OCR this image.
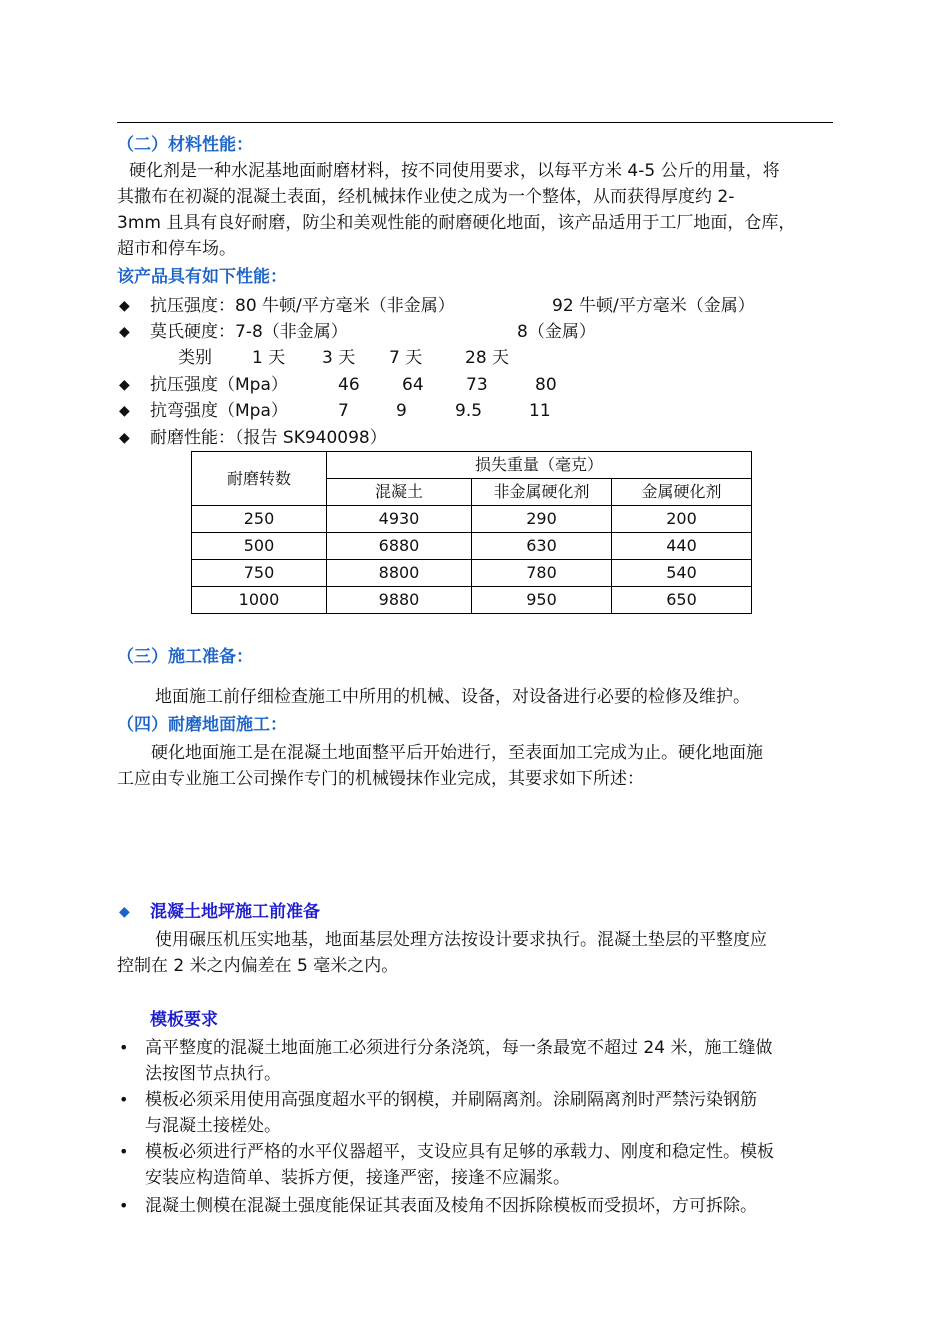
（二）材料性能：
硬化剂是一种水泥基地面耐磨材料，按不同使用要求，以每平方米 4-5 公斤的用量，将
其撒布在初凝的混凝土表面，经机械抹作业使之成为一个整体，从而获得厚度约 2-
3mm 且具有良好耐磨，防尘和美观性能的耐磨硬化地面，该产品适用于工厂地面，仓库，
超市和停车场。
该产品具有如下性能：
◆ 抗压强度：80 牛顿/平方毫米（非金属）	92 牛顿/平方毫米（金属）
◆ 莫氏硬度：7-8（非金属）	8（金属）
类别 1 天 3 天 7 天	28 天
◆ 抗压强度（Mpa）	46 64 73	80
◆ 抗弯强度（Mpa）	7	9	9.5	11
◆ 耐磨性能：（报告 SK940098）
耐磨转数	损失重量（毫克）		
	混凝土	非金属硬化剂	金属硬化剂
250	4930	290	200
500	6880	630	440
750	8800	780	540
1000	9880	950	650
（三）施工准备：
地面施工前仔细检查施工中所用的机械、设备，对设备进行必要的检修及维护。
（四）耐磨地面施工：
硬化地面施工是在混凝土地面整平后开始进行，至表面加工完成为止。硬化地面施
工应由专业施工公司操作专门的机械镘抹作业完成，其要求如下所述：
◆ 混凝土地坪施工前准备
使用碾压机压实地基，地面基层处理方法按设计要求执行。混凝土垫层的平整度应
控制在 2 米之内偏差在 5 毫米之内。
模板要求
• 高平整度的混凝土地面施工必须进行分条浇筑，每一条最宽不超过 24 米，施工缝做
法按图节点执行。
• 模板必须采用使用高强度超水平的钢模，并刷隔离剂。涂刷隔离剂时严禁污染钢筋
与混凝土接槎处。
• 模板必须进行严格的水平仪器超平，支设应具有足够的承载力、刚度和稳定性。模板
安装应构造简单、装拆方便，接逢严密，接逢不应漏浆。
• 混凝土侧模在混凝土强度能保证其表面及棱角不因拆除模板而受损坏，方可拆除。
